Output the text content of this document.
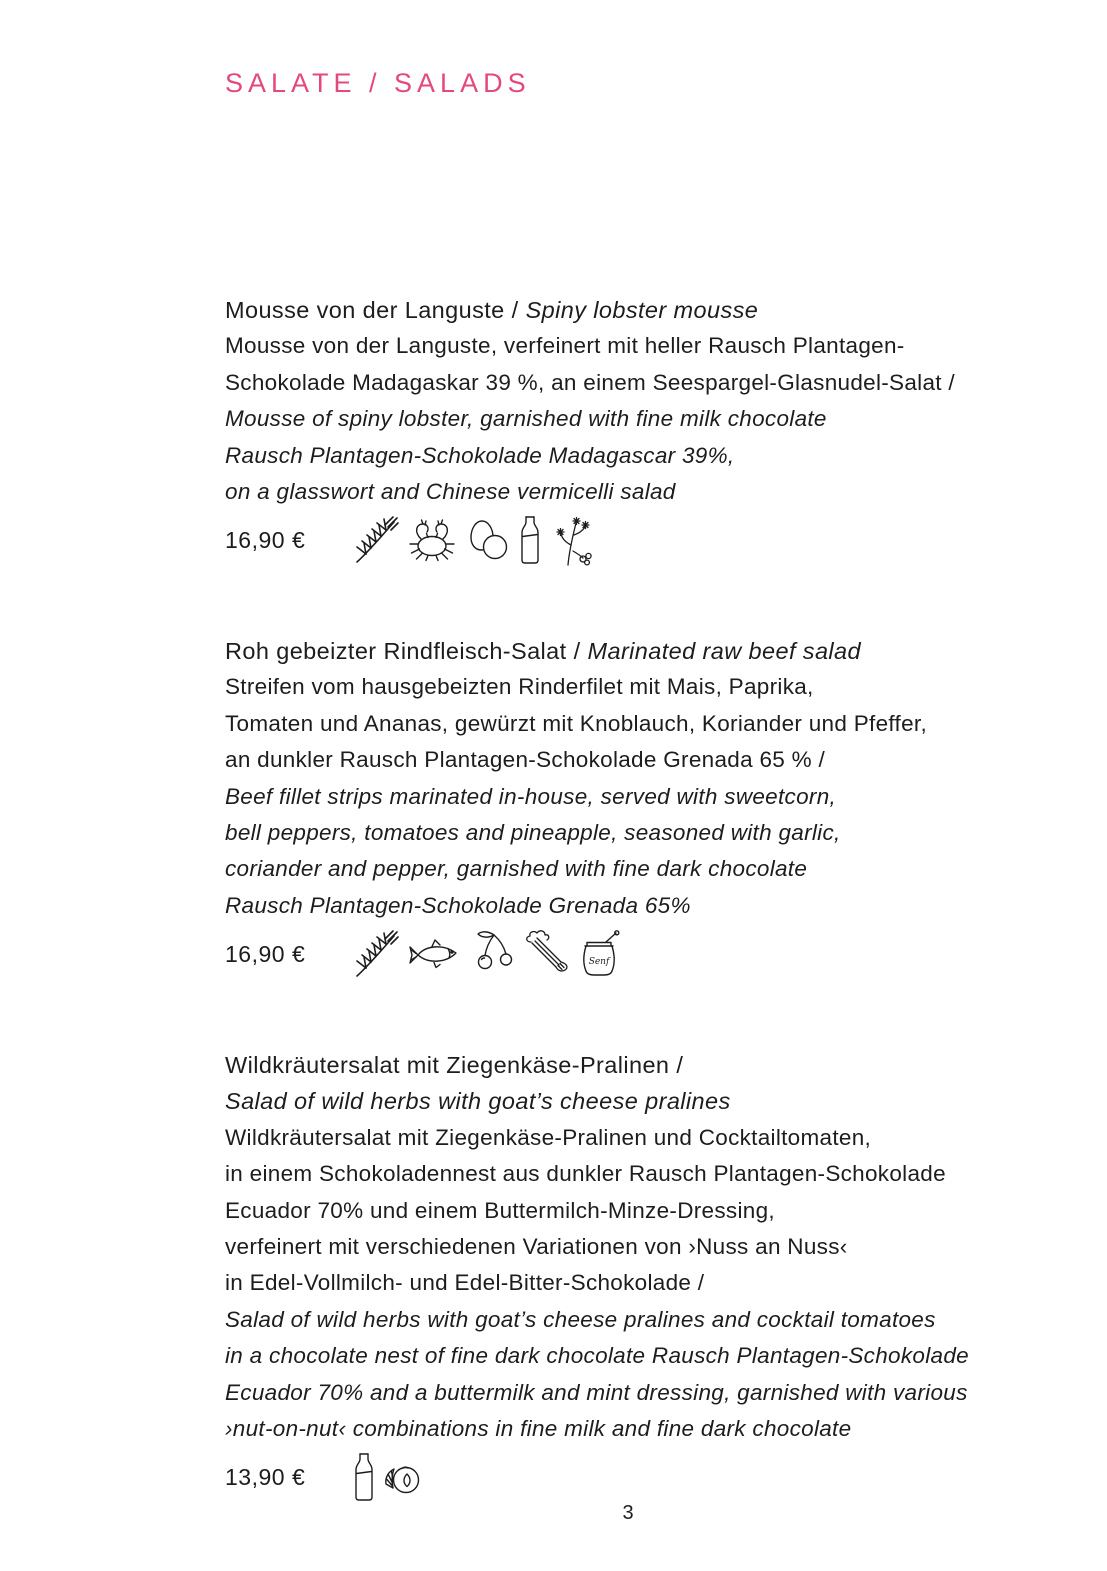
SALATE / SALADS
Mousse von der Languste / Spiny lobster mousse
Mousse von der Languste, verfeinert mit heller Rausch Plantagen-
Schokolade Madagaskar 39 %, an einem Seespargel-Glasnudel-Salat /
Mousse of spiny lobster, garnished with fine milk chocolate
Rausch Plantagen-Schokolade Madagascar 39%,
on a glasswort and Chinese vermicelli salad
16,90 €
Roh gebeizter Rindfleisch-Salat / Marinated raw beef salad
Streifen vom hausgebeizten Rinderfilet mit Mais, Paprika,
Tomaten und Ananas, gewürzt mit Knoblauch, Koriander und Pfeffer,
an dunkler Rausch Plantagen-Schokolade Grenada 65 % /
Beef fillet strips marinated in-house, served with sweetcorn,
bell peppers, tomatoes and pineapple, seasoned with garlic,
coriander and pepper, garnished with fine dark chocolate
Rausch Plantagen-Schokolade Grenada 65%
16,90 €
Wildkräutersalat mit Ziegenkäse-Pralinen /
Salad of wild herbs with goat’s cheese pralines
Wildkräutersalat mit Ziegenkäse-Pralinen und Cocktailtomaten,
in einem Schokoladennest aus dunkler Rausch Plantagen-Schokolade
Ecuador 70% und einem Buttermilch-Minze-Dressing,
verfeinert mit verschiedenen Variationen von ›Nuss an Nuss‹
in Edel-Vollmilch- und Edel-Bitter-Schokolade /
Salad of wild herbs with goat’s cheese pralines and cocktail tomatoes
in a chocolate nest of fine dark chocolate Rausch Plantagen-Schokolade
Ecuador 70% and a buttermilk and mint dressing, garnished with various
›nut-on-nut‹ combinations in fine milk and fine dark chocolate
13,90 €
3
